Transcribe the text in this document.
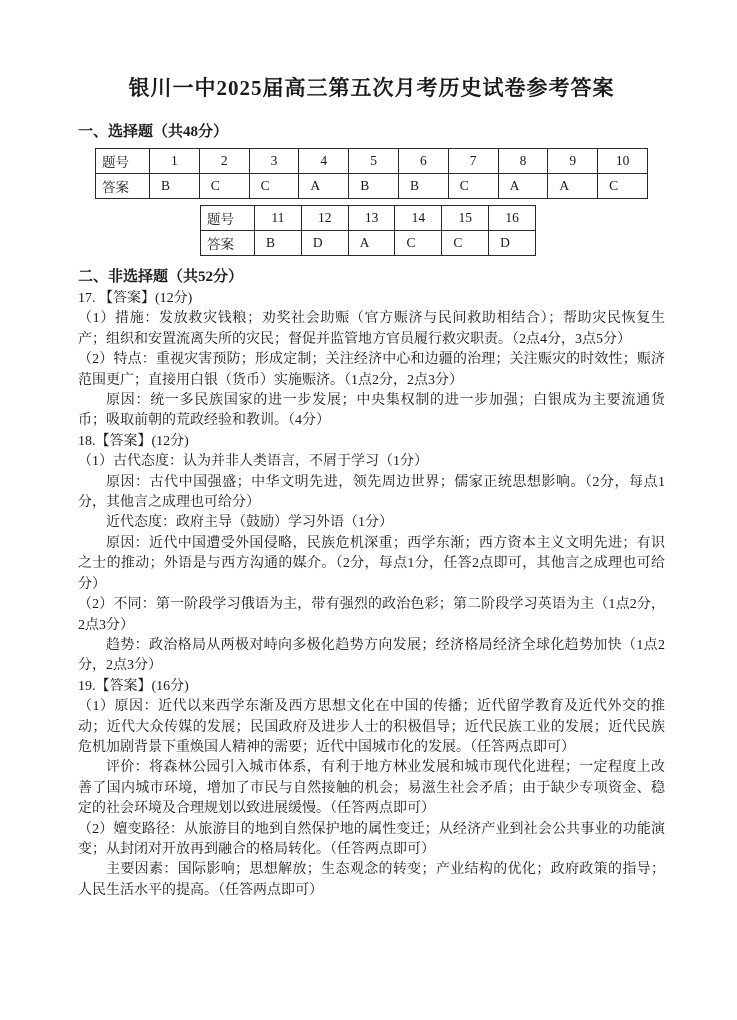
银川一中2025届高三第五次月考历史试卷参考答案
一、选择题（共48分）
题号	1	2	3	4	5	6	7	8	9	10
答案	B	C	C	A	B	B	C	A	A	C
题号	11	12	13	14	15	16
答案	B	D	A	C	C	D
二、非选择题（共52分）

17. 【答案】(12分)

（1）措施：发放救灾钱粮；劝奖社会助赈（官方赈济与民间救助相结合）；帮助灾民恢复生产；组织和安置流离失所的灾民；督促并监管地方官员履行救灾职责。（2点4分，3点5分）

（2）特点：重视灾害预防；形成定制；关注经济中心和边疆的治理；关注赈灾的时效性；赈济范围更广；直接用白银（货币）实施赈济。（1点2分，2点3分）

原因：统一多民族国家的进一步发展；中央集权制的进一步加强；白银成为主要流通货币；吸取前朝的荒政经验和教训。（4分）

18.【答案】(12分)

（1）古代态度：认为并非人类语言，不屑于学习（1分）

原因：古代中国强盛；中华文明先进，领先周边世界；儒家正统思想影响。（2分，每点1分，其他言之成理也可给分）

近代态度：政府主导（鼓励）学习外语（1分）

原因：近代中国遭受外国侵略，民族危机深重；西学东渐；西方资本主义文明先进；有识之士的推动；外语是与西方沟通的媒介。（2分，每点1分，任答2点即可，其他言之成理也可给分）

（2）不同：第一阶段学习俄语为主，带有强烈的政治色彩；第二阶段学习英语为主（1点2分，2点3分）

趋势：政治格局从两极对峙向多极化趋势方向发展；经济格局经济全球化趋势加快（1点2分，2点3分）

19.【答案】(16分)

（1）原因：近代以来西学东渐及西方思想文化在中国的传播；近代留学教育及近代外交的推动；近代大众传媒的发展；民国政府及进步人士的积极倡导；近代民族工业的发展；近代民族危机加剧背景下重焕国人精神的需要；近代中国城市化的发展。（任答两点即可）

评价：将森林公园引入城市体系，有利于地方林业发展和城市现代化进程；一定程度上改善了国内城市环境，增加了市民与自然接触的机会；易滋生社会矛盾；由于缺少专项资金、稳定的社会环境及合理规划以致进展缓慢。（任答两点即可）

（2）嬗变路径：从旅游目的地到自然保护地的属性变迁；从经济产业到社会公共事业的功能演变；从封闭对开放再到融合的格局转化。（任答两点即可）

主要因素：国际影响；思想解放；生态观念的转变；产业结构的优化；政府政策的指导；人民生活水平的提高。（任答两点即可）
